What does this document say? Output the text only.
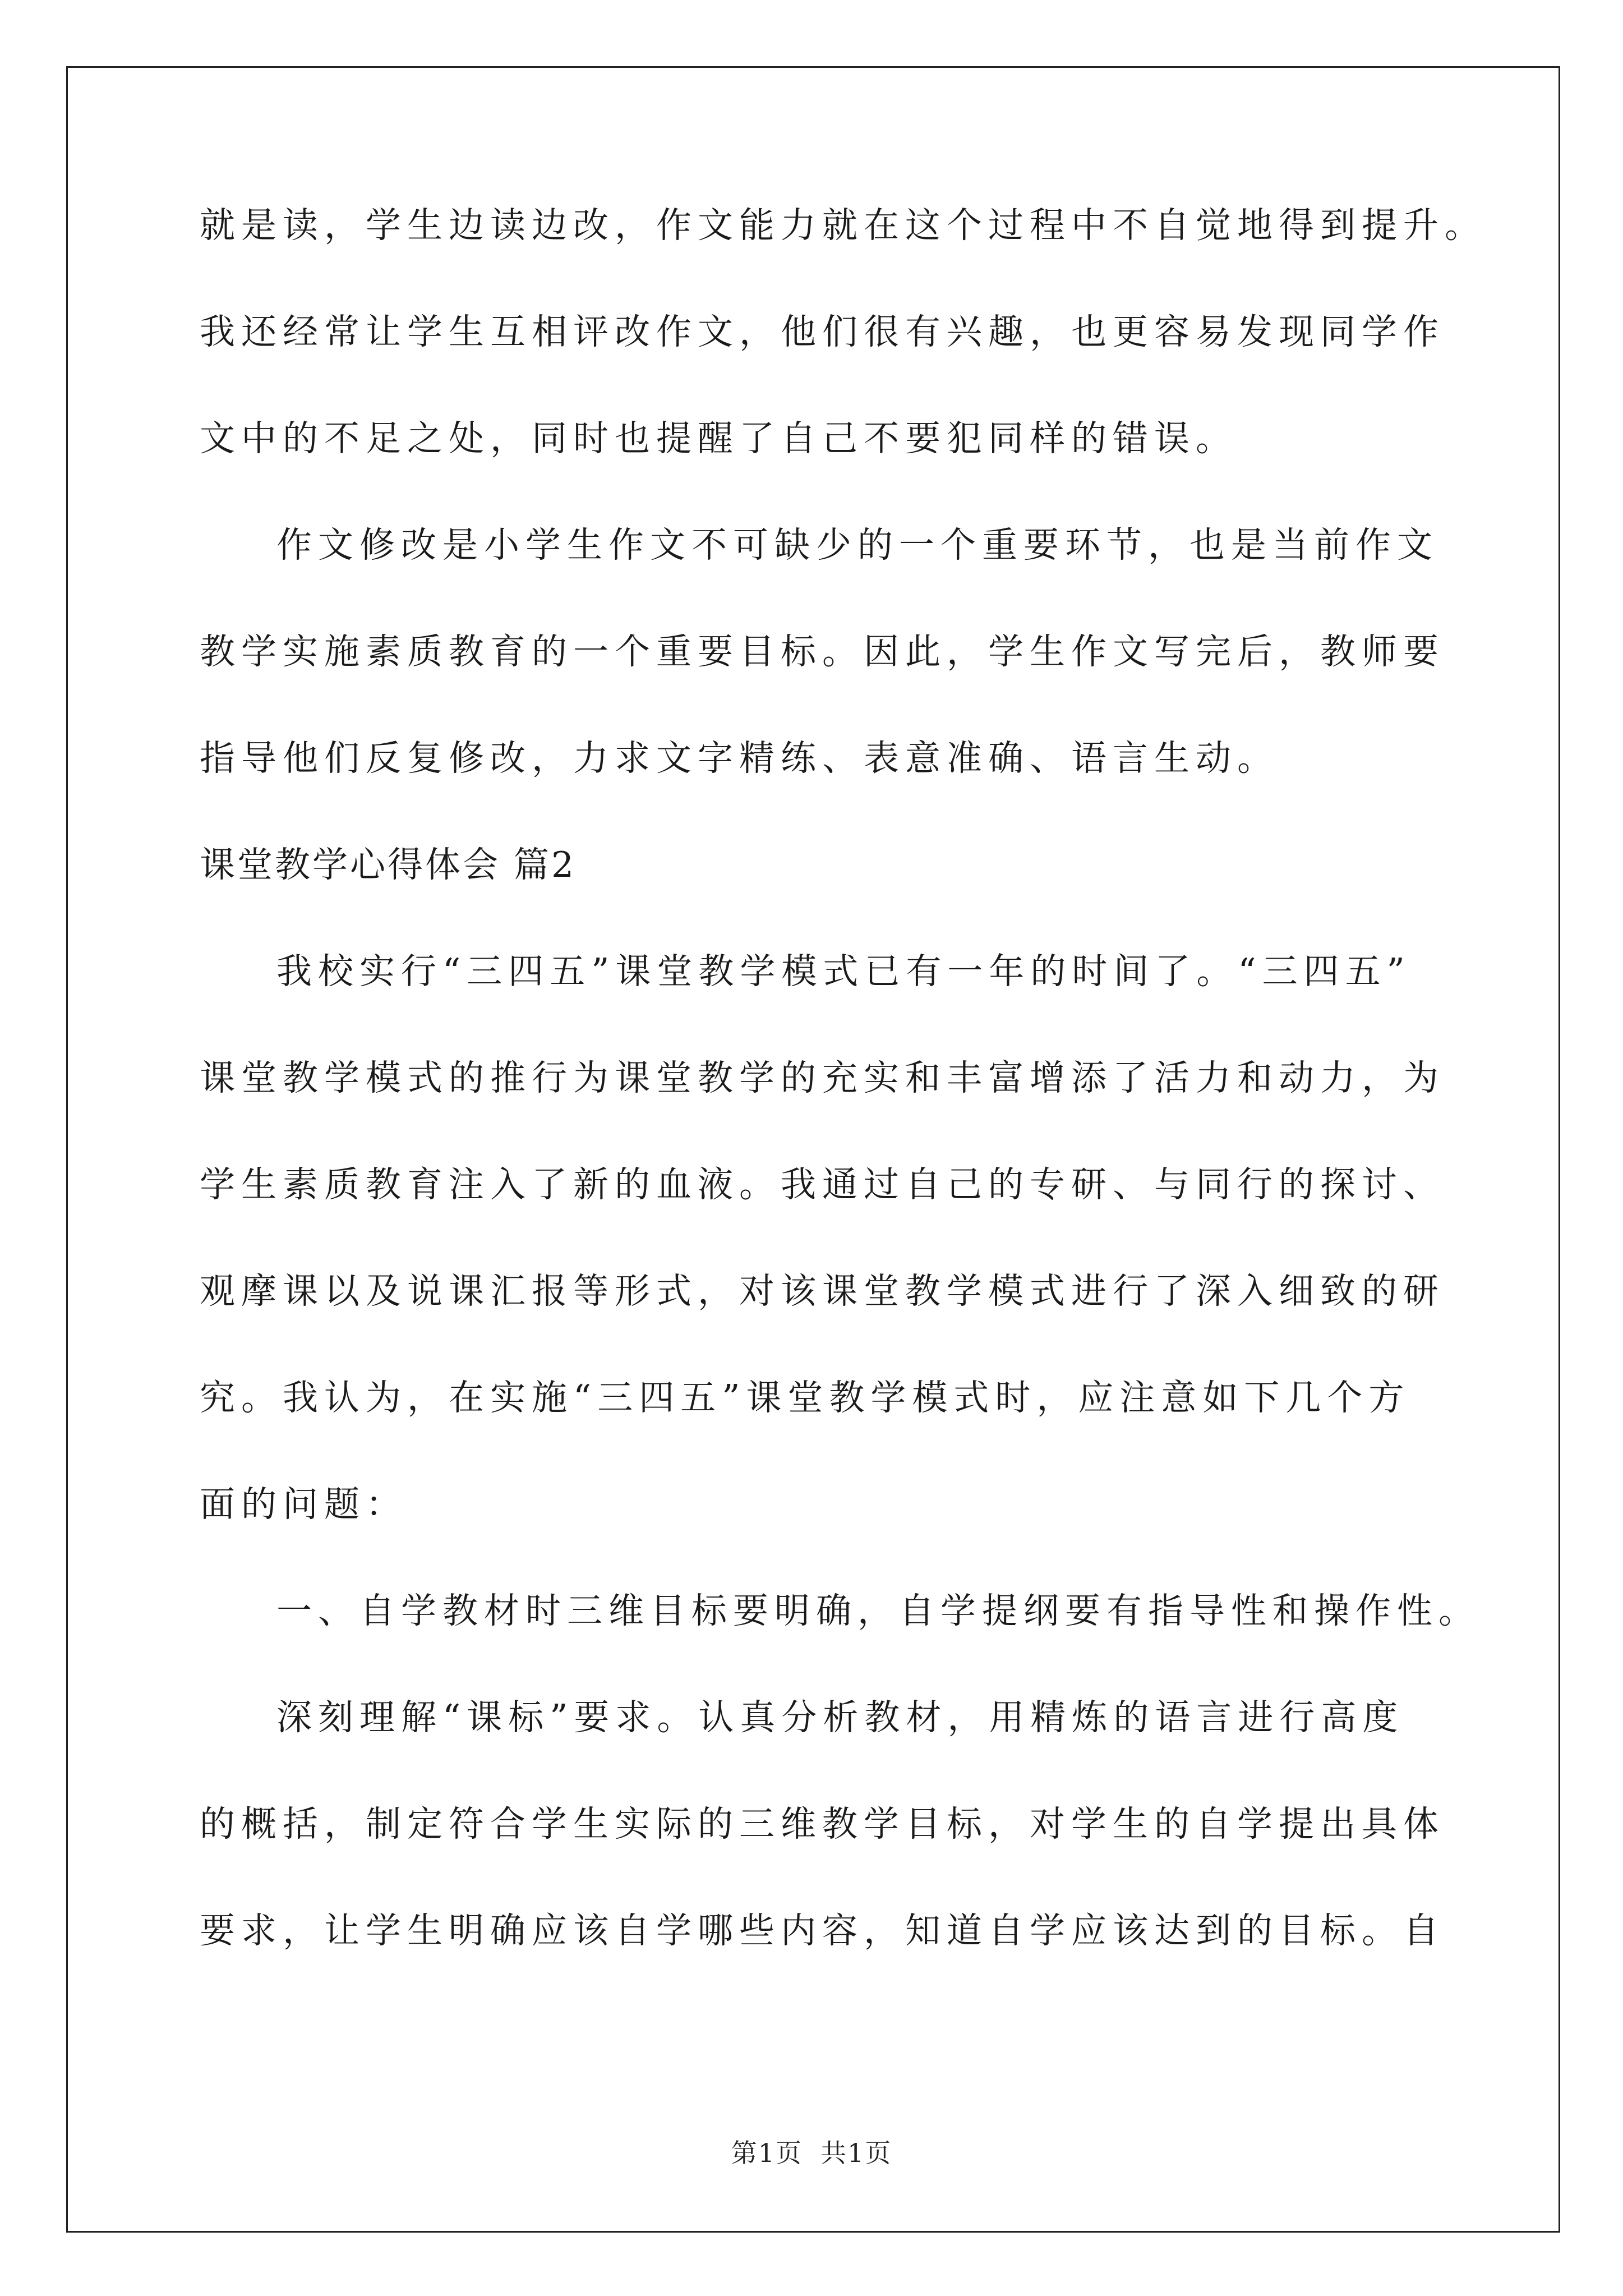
就是读，学生边读边改，作文能力就在这个过程中不自觉地得到提升。
我还经常让学生互相评改作文，他们很有兴趣，也更容易发现同学作
文中的不足之处，同时也提醒了自己不要犯同样的错误。
作文修改是小学生作文不可缺少的一个重要环节，也是当前作文
教学实施素质教育的一个重要目标。因此，学生作文写完后，教师要
指导他们反复修改，力求文字精练、表意准确、语言生动。
课堂教学心得体会 篇2
我校实行“三四五”课堂教学模式已有一年的时间了。“三四五”
课堂教学模式的推行为课堂教学的充实和丰富增添了活力和动力，为
学生素质教育注入了新的血液。我通过自己的专研、与同行的探讨、
观摩课以及说课汇报等形式，对该课堂教学模式进行了深入细致的研
究。我认为，在实施“三四五”课堂教学模式时，应注意如下几个方
面的问题：
一、自学教材时三维目标要明确，自学提纲要有指导性和操作性。
深刻理解“课标”要求。认真分析教材，用精炼的语言进行高度
的概括，制定符合学生实际的三维教学目标，对学生的自学提出具体
要求，让学生明确应该自学哪些内容，知道自学应该达到的目标。自
第1页 共1页
